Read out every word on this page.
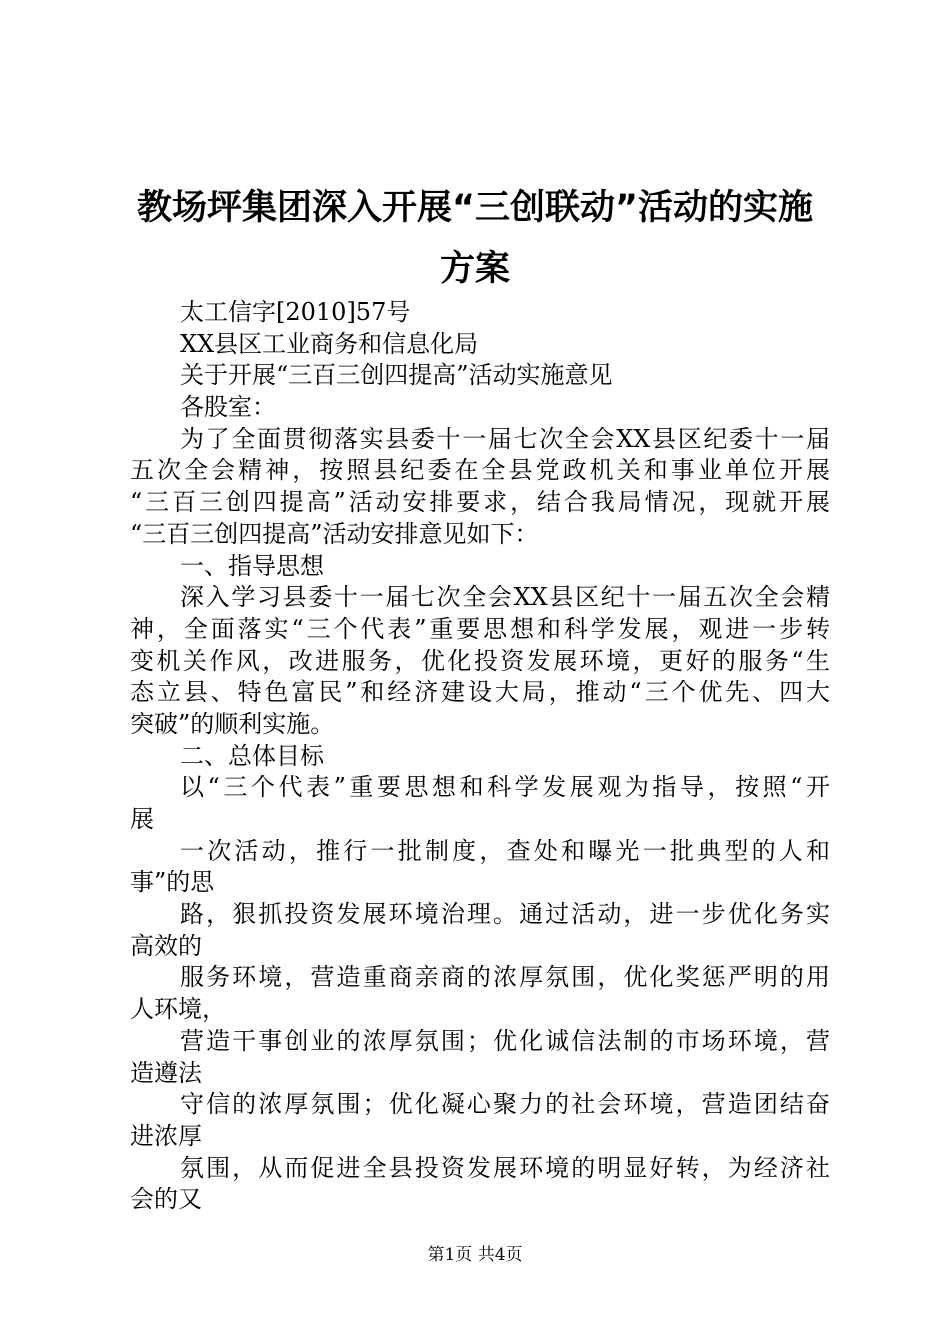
教场坪集团深入开展“三创联动”活动的实施
方案
太工信字[2010]57号
XX县区工业商务和信息化局
关于开展“三百三创四提高”活动实施意见
各股室：
为了全面贯彻落实县委十一届七次全会XX县区纪委十一届
五次全会精神，按照县纪委在全县党政机关和事业单位开展
“三百三创四提高”活动安排要求，结合我局情况，现就开展
“三百三创四提高”活动安排意见如下：
一、指导思想
深入学习县委十一届七次全会XX县区纪十一届五次全会精
神，全面落实“三个代表”重要思想和科学发展，观进一步转
变机关作风，改进服务，优化投资发展环境，更好的服务“生
态立县、特色富民”和经济建设大局，推动“三个优先、四大
突破”的顺利实施。
二、总体目标
以“三个代表”重要思想和科学发展观为指导，按照“开
展
一次活动，推行一批制度，查处和曝光一批典型的人和
事”的思
路，狠抓投资发展环境治理。通过活动，进一步优化务实
高效的
服务环境，营造重商亲商的浓厚氛围，优化奖惩严明的用
人环境，
营造干事创业的浓厚氛围；优化诚信法制的市场环境，营
造遵法
守信的浓厚氛围；优化凝心聚力的社会环境，营造团结奋
进浓厚
氛围，从而促进全县投资发展环境的明显好转，为经济社
会的又
第1页 共4页
